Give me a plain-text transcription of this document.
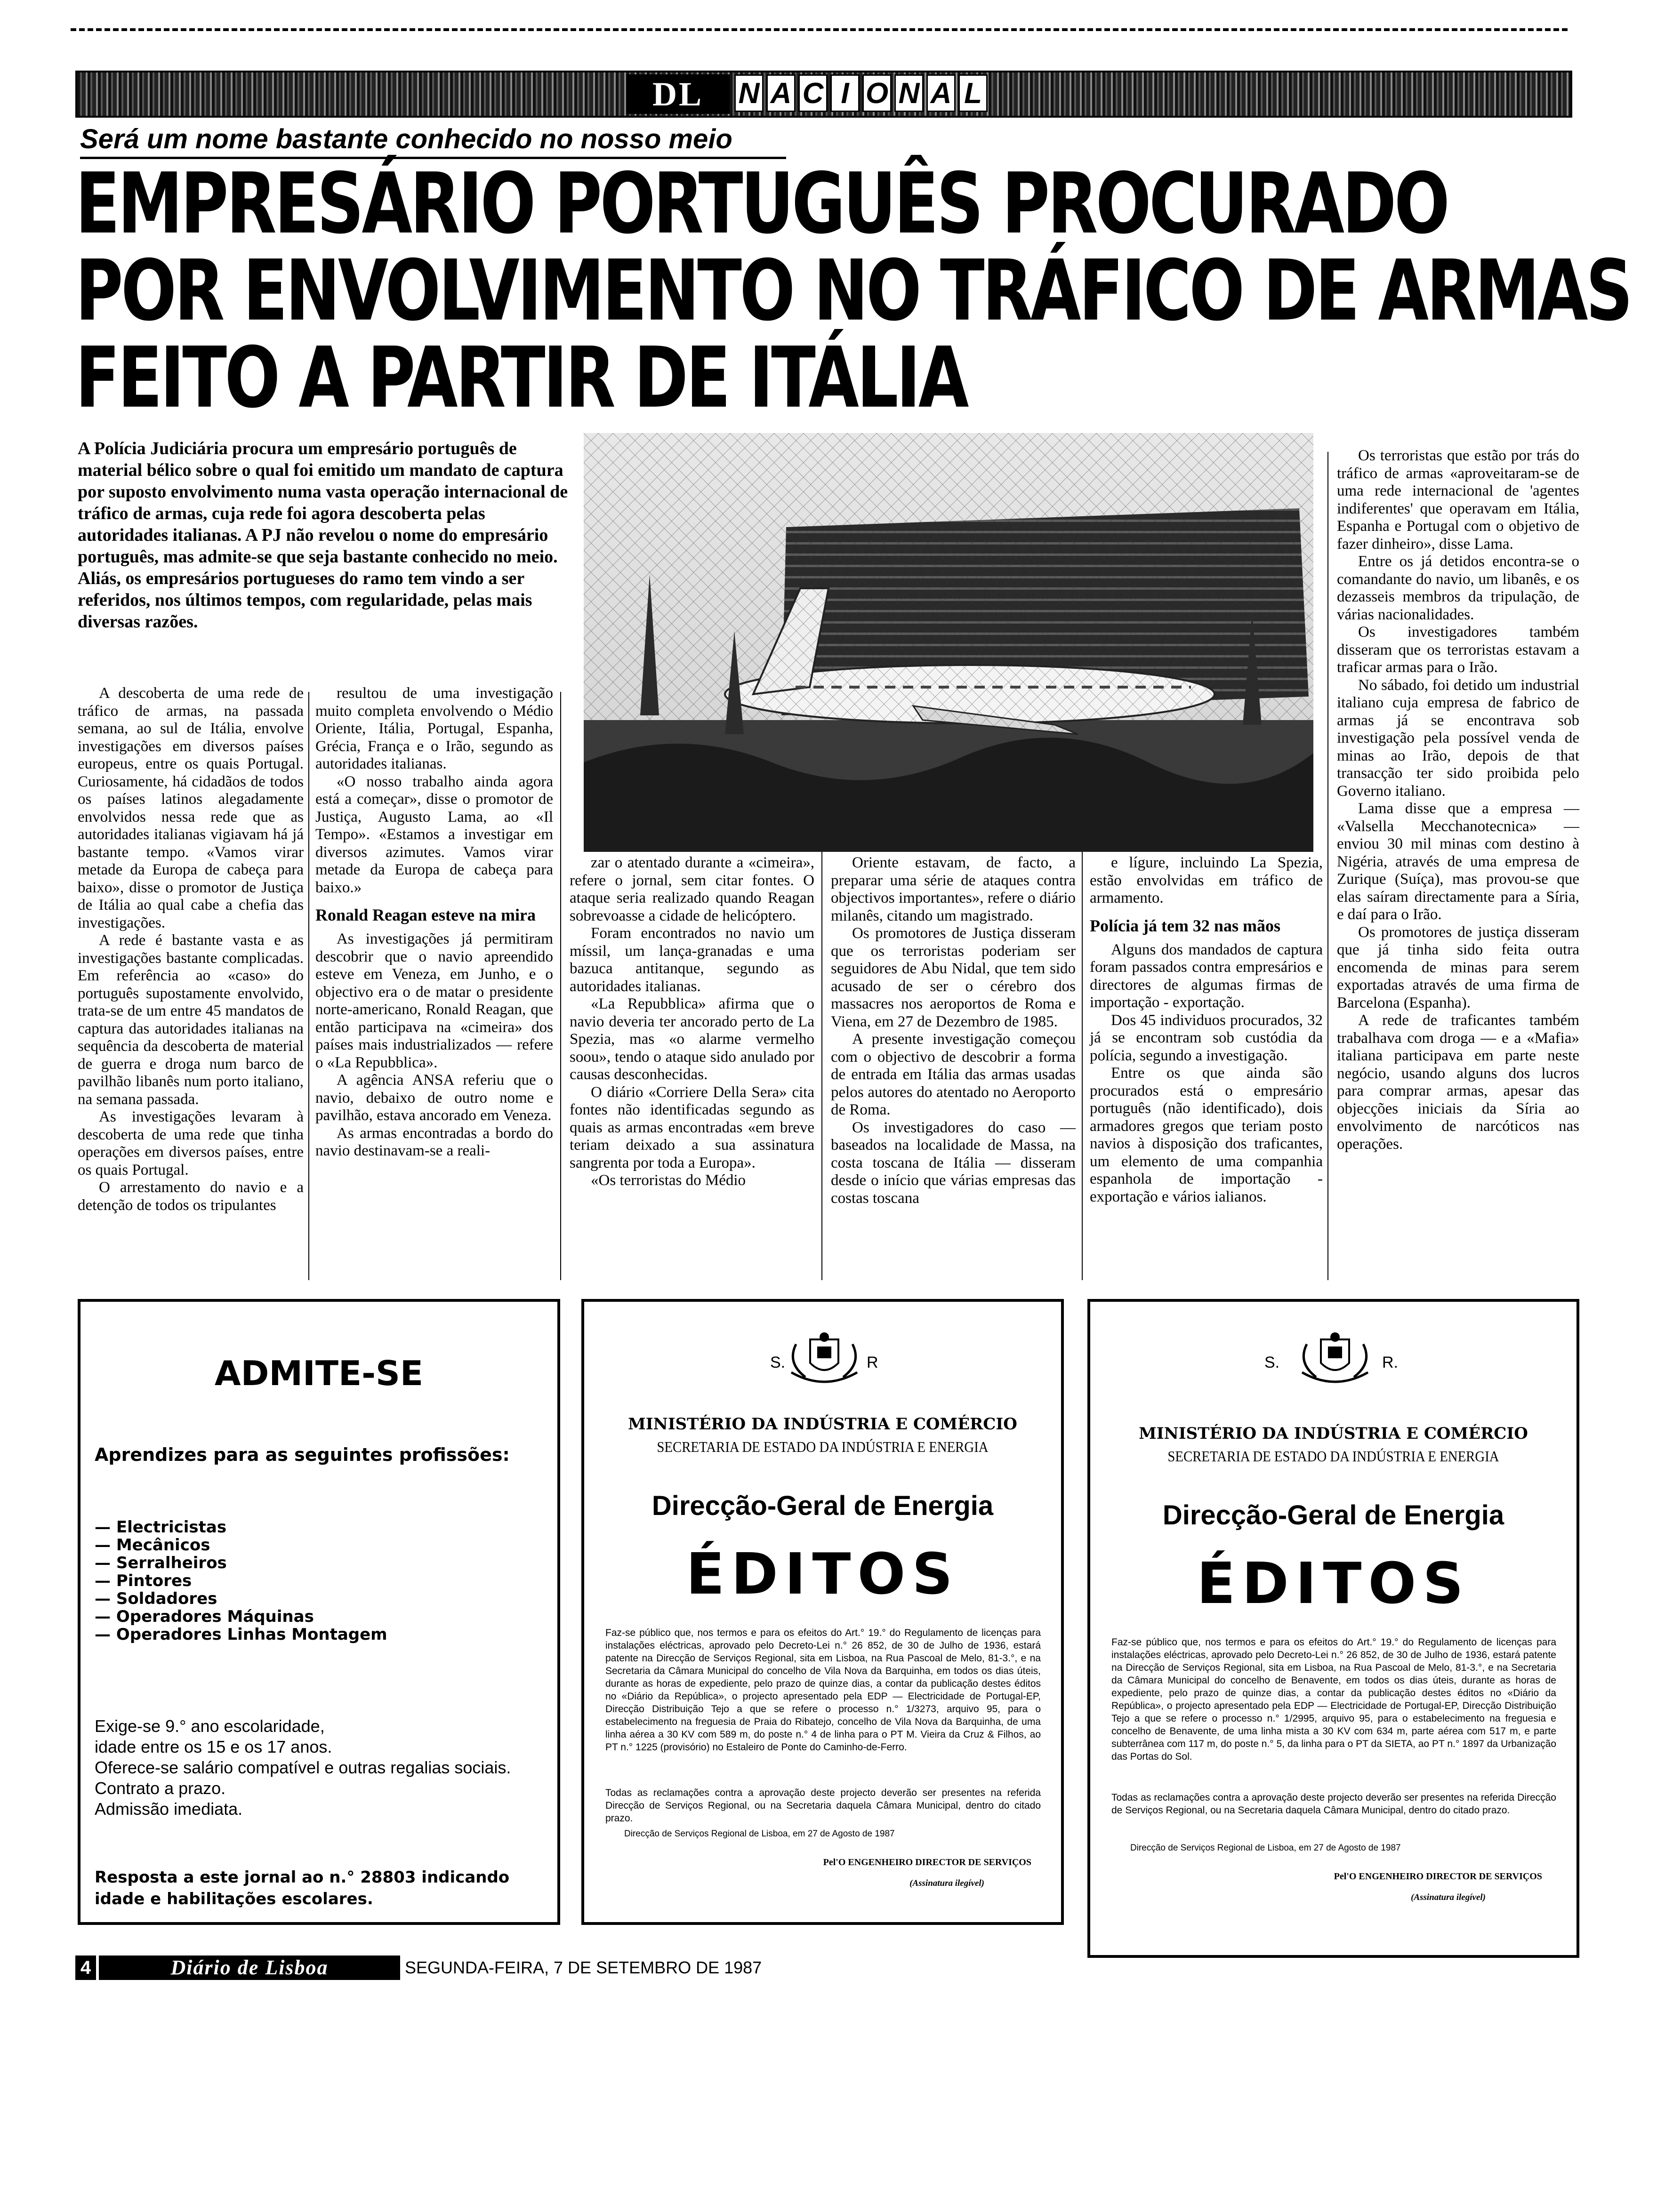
DL	N A C I O N A L
Será um nome bastante conhecido no nosso meio
EMPRESÁRIO PORTUGUÊS PROCURADO
POR ENVOLVIMENTO NO TRÁFICO DE ARMAS
FEITO A PARTIR DE ITÁLIA
A Polícia Judiciária procura um empresário português de material bélico sobre o qual foi emitido um mandato de captura por suposto envolvimento numa vasta operação internacional de tráfico de armas, cuja rede foi agora descoberta pelas autoridades italianas. A PJ não revelou o nome do empresário português, mas admite-se que seja bastante conhecido no meio. Aliás, os empresários portugueses do ramo tem vindo a ser referidos, nos últimos tempos, com regularidade, pelas mais diversas razões.

A descoberta de uma rede de tráfico de armas, na passada semana, ao sul de Itália, envolve investigações em diversos países europeus, entre os quais Portugal. Curiosamente, há cidadãos de todos os países latinos alegadamente envolvidos nessa rede que as autoridades italianas vigiavam há já bastante tempo. «Vamos virar metade da Europa de cabeça para baixo», disse o promotor de Justiça de Itália ao qual cabe a chefia das investigações.

A rede é bastante vasta e as investigações bastante complicadas. Em referência ao «caso» do português supostamente envolvido, trata-se de um entre 45 mandatos de captura das autoridades italianas na sequência da descoberta de material de guerra e droga num barco de pavilhão libanês num porto italiano, na semana passada.

As investigações levaram à descoberta de uma rede que tinha operações em diversos países, entre os quais Portugal.

O arrestamento do navio e a detenção de todos os tripulantes

resultou de uma investigação muito completa envolvendo o Médio Oriente, Itália, Portugal, Espanha, Grécia, França e o Irão, segundo as autoridades italianas.

«O nosso trabalho ainda agora está a começar», disse o promotor de Justiça, Augusto Lama, ao «Il Tempo». «Estamos a investigar em diversos azimutes. Vamos virar metade da Europa de cabeça para baixo.»

Ronald Reagan esteve na mira

As investigações já permitiram descobrir que o navio apreendido esteve em Veneza, em Junho, e o objectivo era o de matar o presidente norte-americano, Ronald Reagan, que então participava na «cimeira» dos países mais industrializados — refere o «La Repubblica».

A agência ANSA referiu que o navio, debaixo de outro nome e pavilhão, estava ancorado em Veneza.

As armas encontradas a bordo do navio destinavam-se a reali-

zar o atentado durante a «cimeira», refere o jornal, sem citar fontes. O ataque seria realizado quando Reagan sobrevoasse a cidade de helicóptero.

Foram encontrados no navio um míssil, um lança-granadas e uma bazuca antitanque, segundo as autoridades italianas.

«La Repubblica» afirma que o navio deveria ter ancorado perto de La Spezia, mas «o alarme vermelho soou», tendo o ataque sido anulado por causas desconhecidas.

O diário «Corriere Della Sera» cita fontes não identificadas segundo as quais as armas encontradas «em breve teriam deixado a sua assinatura sangrenta por toda a Europa».

«Os terroristas do Médio

Oriente estavam, de facto, a preparar uma série de ataques contra objectivos importantes», refere o diário milanês, citando um magistrado.

Os promotores de Justiça disseram que os terroristas poderiam ser seguidores de Abu Nidal, que tem sido acusado de ser o cérebro dos massacres nos aeroportos de Roma e Viena, em 27 de Dezembro de 1985.

A presente investigação começou com o objectivo de descobrir a forma de entrada em Itália das armas usadas pelos autores do atentado no Aeroporto de Roma.

Os investigadores do caso — baseados na localidade de Massa, na costa toscana de Itália — disseram desde o início que várias empresas das costas toscana

e lígure, incluindo La Spezia, estão envolvidas em tráfico de armamento.

Polícia já tem 32 nas mãos

Alguns dos mandados de captura foram passados contra empresários e directores de algumas firmas de importação - exportação.

Dos 45 individuos procurados, 32 já se encontram sob custódia da polícia, segundo a investigação.

Entre os que ainda são procurados está o empresário português (não identificado), dois armadores gregos que teriam posto navios à disposição dos traficantes, um elemento de uma companhia espanhola de importação - exportação e vários ialianos.

Os terroristas que estão por trás do tráfico de armas «aproveitaram-se de uma rede internacional de 'agentes indiferentes' que operavam em Itália, Espanha e Portugal com o objetivo de fazer dinheiro», disse Lama.

Entre os já detidos encontra-se o comandante do navio, um libanês, e os dezasseis membros da tripulação, de várias nacionalidades.

Os investigadores também disseram que os terroristas estavam a traficar armas para o Irão.

No sábado, foi detido um industrial italiano cuja empresa de fabrico de armas já se encontrava sob investigação pela possível venda de minas ao Irão, depois de that transacção ter sido proibida pelo Governo italiano.

Lama disse que a empresa — «Valsella Mecchanotecnica» — enviou 30 mil minas com destino à Nigéria, através de uma empresa de Zurique (Suíça), mas provou-se que elas saíram directamente para a Síria, e daí para o Irão.

Os promotores de justiça disseram que já tinha sido feita outra encomenda de minas para serem exportadas através de uma firma de Barcelona (Espanha).

A rede de traficantes também trabalhava com droga — e a «Mafia» italiana participava em parte neste negócio, usando alguns dos lucros para comprar armas, apesar das objecções iniciais da Síria ao envolvimento de narcóticos nas operações.

ADMITE-SE
Aprendizes para as seguintes profissões:
— Electricistas
— Mecânicos
— Serralheiros
— Pintores
— Soldadores
— Operadores Máquinas
— Operadores Linhas Montagem
Exige-se 9.° ano escolaridade,
idade entre os 15 e os 17 anos.
Oferece-se salário compatível e outras regalias sociais.
Contrato a prazo.
Admissão imediata.
Resposta a este jornal ao n.° 28803 indicando idade e habilitações escolares.
S.	R
MINISTÉRIO DA INDÚSTRIA E COMÉRCIO
SECRETARIA DE ESTADO DA INDÚSTRIA E ENERGIA
Direcção-Geral de Energia
ÉDITOS
Faz-se público que, nos termos e para os efeitos do Art.° 19.° do Regulamento de licenças para instalações eléctricas, aprovado pelo Decreto-Lei n.° 26 852, de 30 de Julho de 1936, estará patente na Direcção de Serviços Regional, sita em Lisboa, na Rua Pascoal de Melo, 81-3.°, e na Secretaria da Câmara Municipal do concelho de Vila Nova da Barquinha, em todos os dias úteis, durante as horas de expediente, pelo prazo de quinze dias, a contar da publicação destes éditos no «Diário da República», o projecto apresentado pela EDP — Electricidade de Portugal-EP, Direcção Distribuição Tejo a que se refere o processo n.° 1/3273, arquivo 95, para o estabelecimento na freguesia de Praia do Ribatejo, concelho de Vila Nova da Barquinha, de uma linha aérea a 30 KV com 589 m, do poste n.° 4 de linha para o PT M. Vieira da Cruz & Filhos, ao PT n.° 1225 (provisório) no Estaleiro de Ponte do Caminho-de-Ferro.
Todas as reclamações contra a aprovação deste projecto deverão ser presentes na referida Direcção de Serviços Regional, ou na Secretaria daquela Câmara Municipal, dentro do citado prazo.
Direcção de Serviços Regional de Lisboa, em 27 de Agosto de 1987
Pel'O ENGENHEIRO DIRECTOR DE SERVIÇOS
(Assinatura ilegível)
S.	R.
MINISTÉRIO DA INDÚSTRIA E COMÉRCIO
SECRETARIA DE ESTADO DA INDÚSTRIA E ENERGIA
Direcção-Geral de Energia
ÉDITOS
Faz-se público que, nos termos e para os efeitos do Art.° 19.° do Regulamento de licenças para instalações eléctricas, aprovado pelo Decreto-Lei n.° 26 852, de 30 de Julho de 1936, estará patente na Direcção de Serviços Regional, sita em Lisboa, na Rua Pascoal de Melo, 81-3.°, e na Secretaria da Câmara Municipal do concelho de Benavente, em todos os dias úteis, durante as horas de expediente, pelo prazo de quinze dias, a contar da publicação destes éditos no «Diário da República», o projecto apresentado pela EDP — Electricidade de Portugal-EP, Direcção Distribuição Tejo a que se refere o processo n.° 1/2995, arquivo 95, para o estabelecimento na freguesia e concelho de Benavente, de uma linha mista a 30 KV com 634 m, parte aérea com 517 m, e parte subterrânea com 117 m, do poste n.° 5, da linha para o PT da SIETA, ao PT n.° 1897 da Urbanização das Portas do Sol.
Todas as reclamações contra a aprovação deste projecto deverão ser presentes na referida Direcção de Serviços Regional, ou na Secretaria daquela Câmara Municipal, dentro do citado prazo.
Direcção de Serviços Regional de Lisboa, em 27 de Agosto de 1987
Pel'O ENGENHEIRO DIRECTOR DE SERVIÇOS
(Assinatura ilegível)
4	Diário de Lisboa	SEGUNDA-FEIRA, 7 DE SETEMBRO DE 1987
